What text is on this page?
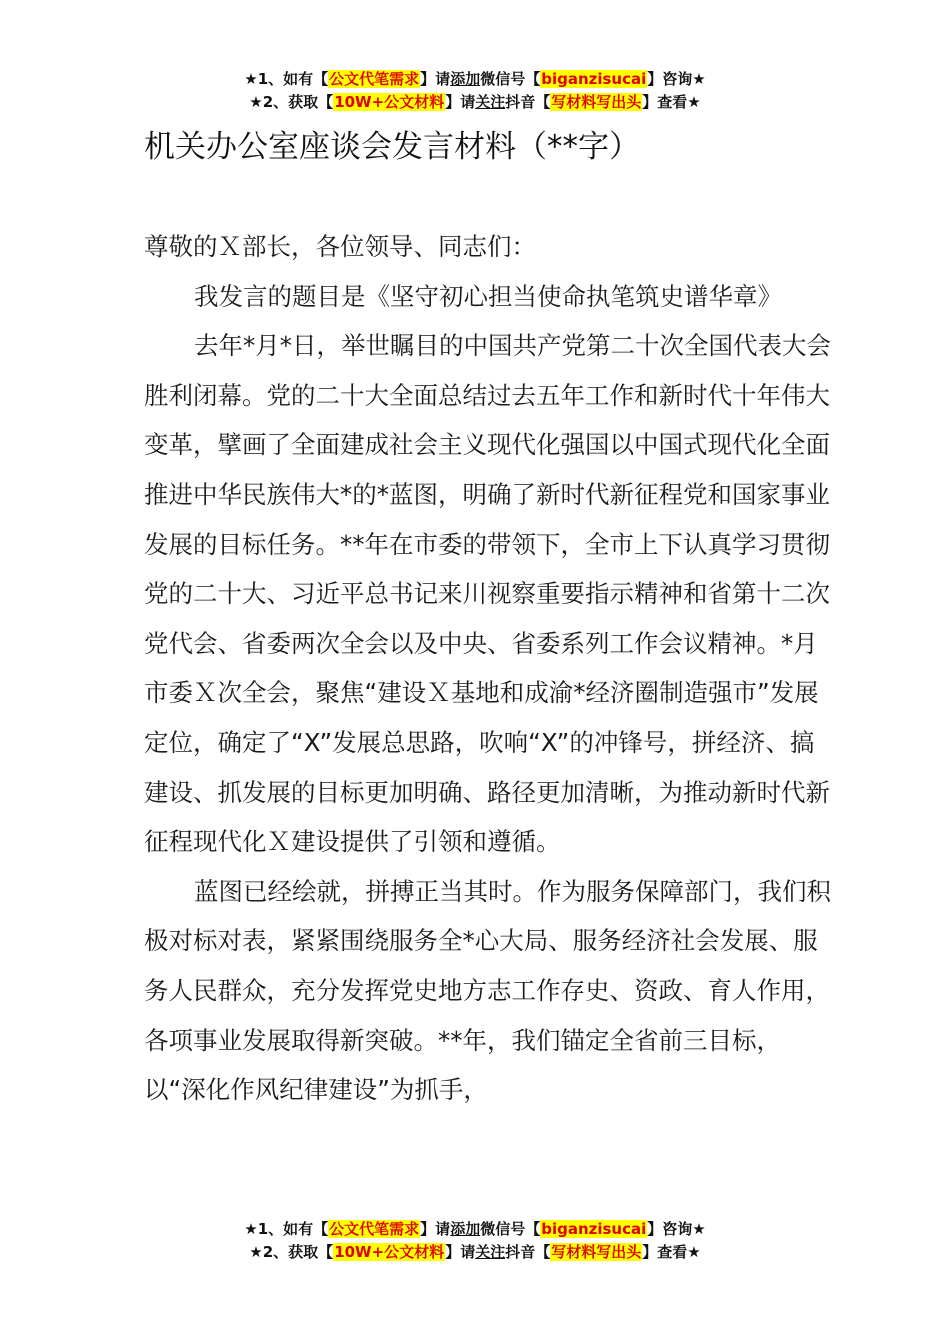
★1、如有【公文代笔需求】请添加微信号【biganzisucai】咨询★
★2、获取【10W+公文材料】请关注抖音【写材料写出头】查看★
机关办公室座谈会发言材料（**字）

尊敬的Ｘ部长，各位领导、同志们：

我发言的题目是《坚守初心担当使命执笔筑史谱华章》

去年*月*日，举世瞩目的中国共产党第二十次全国代表大会胜利闭幕。党的二十大全面总结过去五年工作和新时代十年伟大变革，擘画了全面建成社会主义现代化强国以中国式现代化全面推进中华民族伟大*的*蓝图，明确了新时代新征程党和国家事业发展的目标任务。**年在市委的带领下，全市上下认真学习贯彻党的二十大、习近平总书记来川视察重要指示精神和省第十二次党代会、省委两次全会以及中央、省委系列工作会议精神。*月市委Ｘ次全会，聚焦“建设Ｘ基地和成渝*经济圈制造强市”发展定位，确定了“X”发展总思路，吹响“X”的冲锋号，拼经济、搞建设、抓发展的目标更加明确、路径更加清晰，为推动新时代新征程现代化Ｘ建设提供了引领和遵循。

蓝图已经绘就，拼搏正当其时。作为服务保障部门，我们积极对标对表，紧紧围绕服务全*心大局、服务经济社会发展、服务人民群众，充分发挥党史地方志工作存史、资政、育人作用，各项事业发展取得新突破。**年，我们锚定全省前三目标，以“深化作风纪律建设”为抓手，

★1、如有【公文代笔需求】请添加微信号【biganzisucai】咨询★
★2、获取【10W+公文材料】请关注抖音【写材料写出头】查看★
